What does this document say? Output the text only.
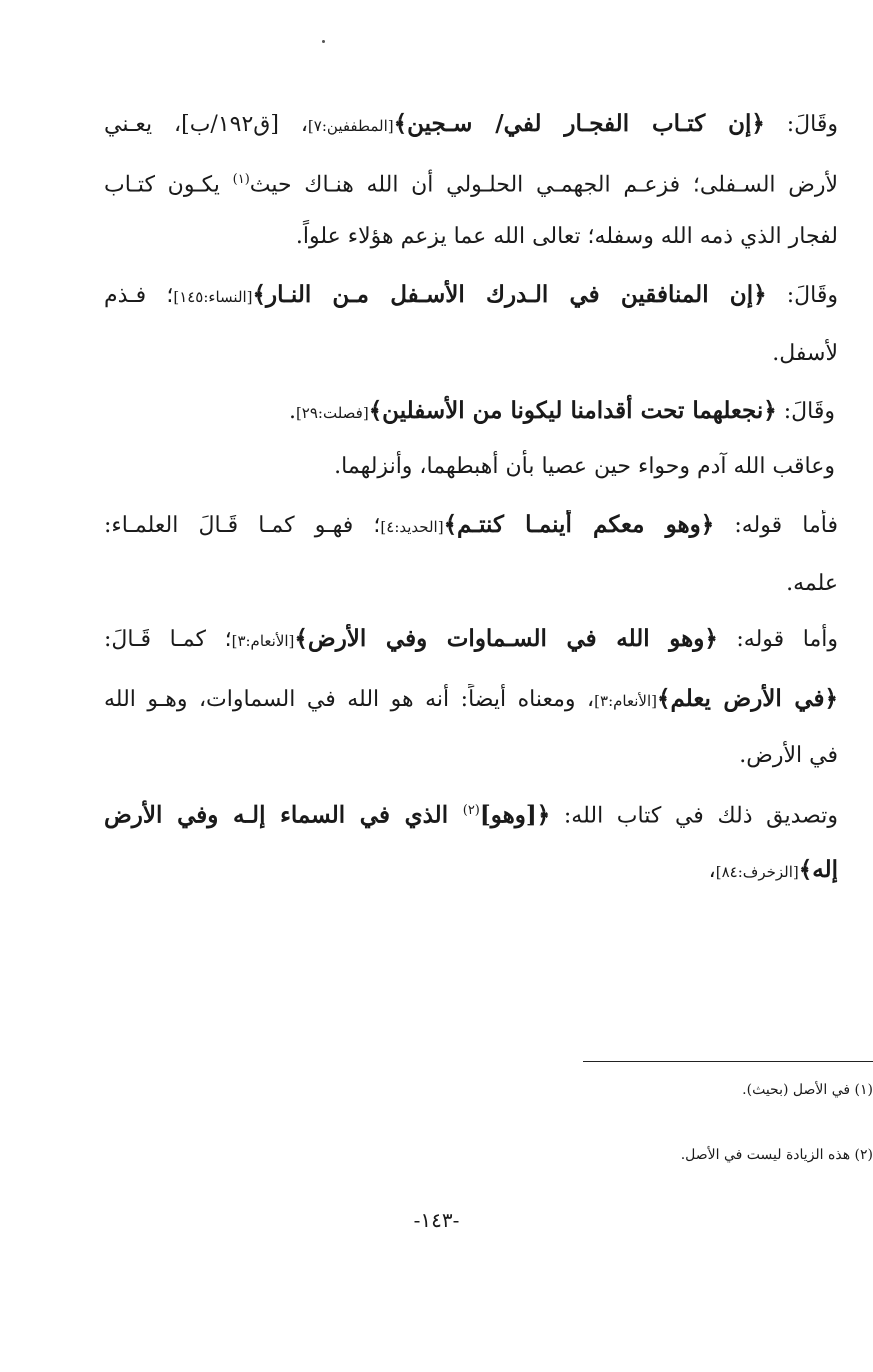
وقَالَ: ﴿إن كتـاب الفجـار لفي/ سـجين﴾[المطففين:٧]، [ق١٩٢/ب]، يعـني
لأرض السـفلى؛ فزعـم الجهمـي الحلـولي أن الله هنـاك حيث$^{(١)}$ يكـون كتـاب
لفجار الذي ذمه الله وسفله؛ تعالى الله عما يزعم هؤلاء علواً.
وقَالَ: ﴿إن المنافقين في الـدرك الأسـفل مـن النـار﴾[النساء:١٤٥]؛ فـذم
لأسفل.
وقَالَ: ﴿نجعلهما تحت أقدامنا ليكونا من الأسفلين﴾[فصلت:٢٩].
وعاقب الله آدم وحواء حين عصيا بأن أهبطهما، وأنزلهما.
فأما قوله: ﴿وهو معكم أينمـا كنتـم﴾[الحديد:٤]؛ فهـو كمـا قَـالَ العلمـاء:
علمه.
وأما قوله: ﴿وهو الله في السـماوات وفي الأرض﴾[الأنعام:٣]؛ كمـا قَـالَ:
﴿في الأرض يعلم﴾[الأنعام:٣]، ومعناه أيضاً: أنه هو الله في السماوات، وهـو الله
في الأرض.
وتصديق ذلك في كتاب الله: ﴿[وهو]$^{(٢)}$ الذي في السماء إلـه وفي الأرض
إله﴾[الزخرف:٨٤]،
(١) في الأصل (بحيث).
(٢) هذه الزيادة ليست في الأصل.
-١٤٣-
